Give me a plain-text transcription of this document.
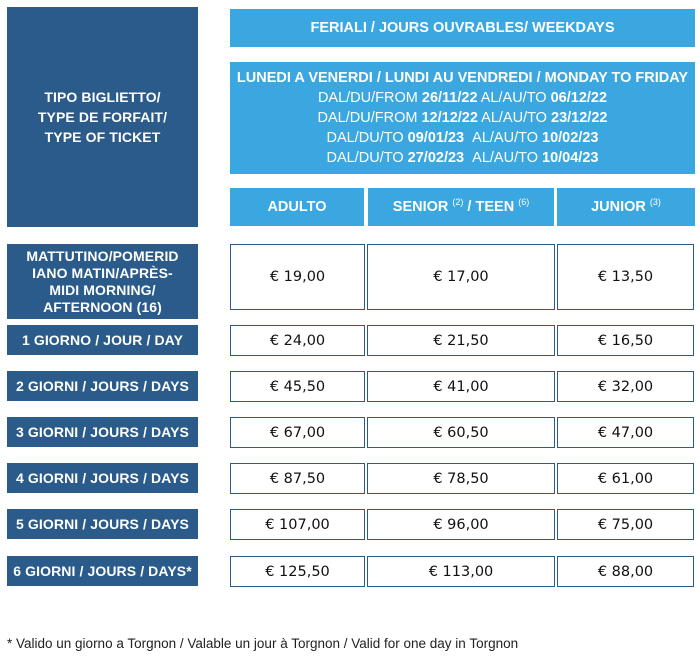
TIPO BIGLIETTO/
TYPE DE FORFAIT/
TYPE OF TICKET
FERIALI / JOURS OUVRABLES/ WEEKDAYS
LUNEDI A VENERDI / LUNDI AU VENDREDI / MONDAY TO FRIDAY
DAL/DU/FROM 26/11/22 AL/AU/TO 06/12/22
DAL/DU/FROM 12/12/22 AL/AU/TO 23/12/22
DAL/DU/TO 09/01/23 AL/AU/TO 10/02/23
DAL/DU/TO 27/02/23 AL/AU/TO 10/04/23
ADULTO	SENIOR $^{(2)}$ / TEEN $^{(6)}$	JUNIOR $^{(3)}$
MATTUTINO/POMERID
IANO MATIN/APRÈS-
MIDI MORNING/
AFTERNOON (16)
€ 19,00	€ 17,00	€ 13,50
1 GIORNO / JOUR / DAY	€ 24,00	€ 21,50	€ 16,50
2 GIORNI / JOURS / DAYS	€ 45,50	€ 41,00	€ 32,00
3 GIORNI / JOURS / DAYS	€ 67,00	€ 60,50	€ 47,00
4 GIORNI / JOURS / DAYS	€ 87,50	€ 78,50	€ 61,00
5 GIORNI / JOURS / DAYS	€ 107,00	€ 96,00	€ 75,00
6 GIORNI / JOURS / DAYS*	€ 125,50	€ 113,00	€ 88,00
* Valido un giorno a Torgnon / Valable un jour à Torgnon / Valid for one day in Torgnon
